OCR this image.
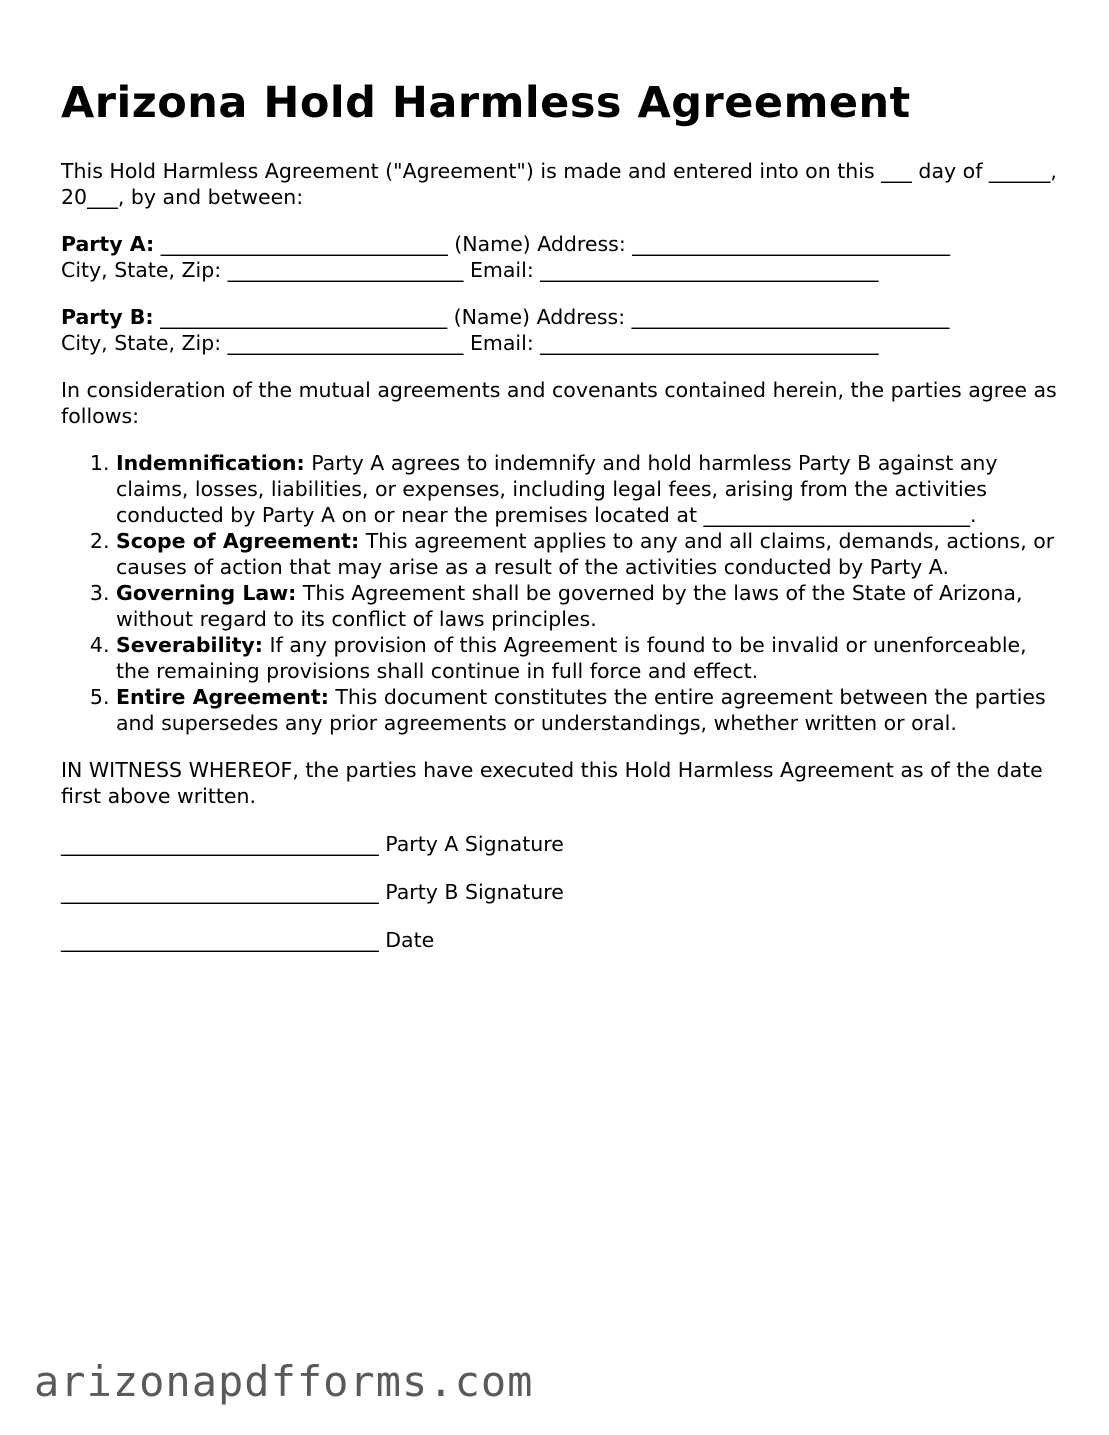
Arizona Hold Harmless Agreement

This Hold Harmless Agreement ("Agreement") is made and entered into on this ___ day of ______, 20___, by and between:

Party A: ____________________________ (Name) Address: _______________________________

City, State, Zip: _______________________ Email: _________________________________

Party B: ____________________________ (Name) Address: _______________________________

City, State, Zip: _______________________ Email: _________________________________

In consideration of the mutual agreements and covenants contained herein, the parties agree as follows:

1. Indemnification: Party A agrees to indemnify and hold harmless Party B against any claims, losses, liabilities, or expenses, including legal fees, arising from the activities conducted by Party A on or near the premises located at __________________________.
2. Scope of Agreement: This agreement applies to any and all claims, demands, actions, or causes of action that may arise as a result of the activities conducted by Party A.
3. Governing Law: This Agreement shall be governed by the laws of the State of Arizona, without regard to its conflict of laws principles.
4. Severability: If any provision of this Agreement is found to be invalid or unenforceable, the remaining provisions shall continue in full force and effect.
5. Entire Agreement: This document constitutes the entire agreement between the parties and supersedes any prior agreements or understandings, whether written or oral.

IN WITNESS WHEREOF, the parties have executed this Hold Harmless Agreement as of the date first above written.

_______________________________ Party A Signature

_______________________________ Party B Signature

_______________________________ Date

arizonapdfforms.com
